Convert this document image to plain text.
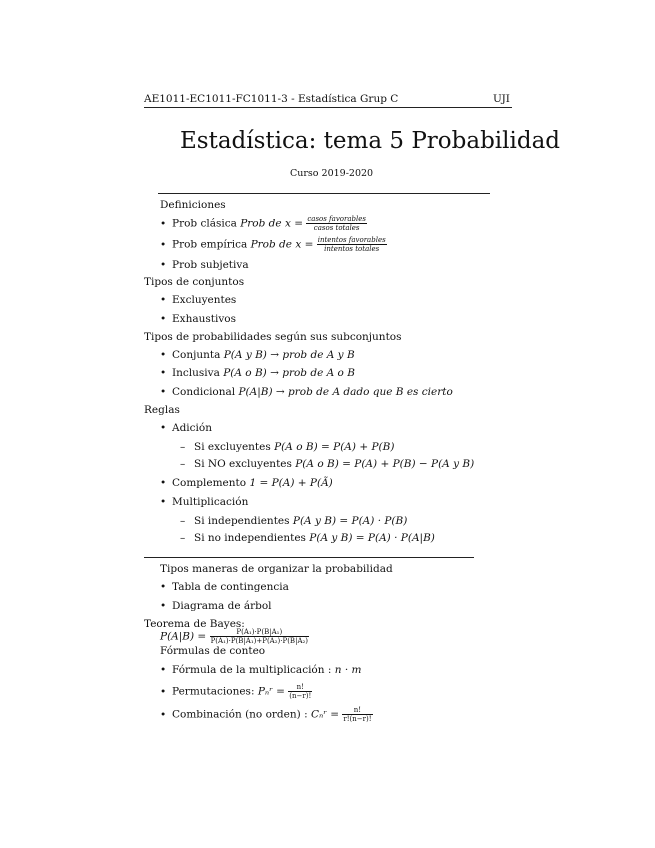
AE1011-EC1011-FC1011-3 - Estadística Grup C	UJI
Estadística: tema 5 Probabilidad
Curso 2019-2020
Definiciones
• Prob clásica Prob de $x = \frac{\text{casos favorables}}{\text{casos totales}}$
• Prob empírica Prob de $x = \frac{\text{intentos favorables}}{\text{intentos totales}}$
• Prob subjetiva
Tipos de conjuntos
• Excluyentes
• Exhaustivos
Tipos de probabilidades según sus subconjuntos
• Conjunta P(A y B) → prob de A y B
• Inclusiva P(A o B) → prob de A o B
• Condicional P(A|B) → prob de A dado que B es cierto
Reglas
• Adición
– Si excluyentes P(A o B) = P(A) + P(B)
– Si NO excluyentes P(A o B) = P(A) + P(B) − P(A y B)
• Complemento 1 = P(A) + P(Ã)
• Multiplicación
– Si independientes P(A y B) = P(A) · P(B)
– Si no independientes P(A y B) = P(A) · P(A|B)
Tipos maneras de organizar la probabilidad
• Tabla de contingencia
• Diagrama de árbol
Teorema de Bayes:
$P(A|B) = \frac{\text{P(A₁)·P(B|A₁)}}{\text{P(A₁)·P(B|A₁)+P(A₂)·P(B|A₂)}}$
Fórmulas de conteo
• Fórmula de la multiplicación : n · m
• Permutaciones: Pₙʳ = $\frac{n!}{(n-r)!}$
• Combinación (no orden) : Cₙʳ = $\frac{n!}{r!(n-r)!}$
